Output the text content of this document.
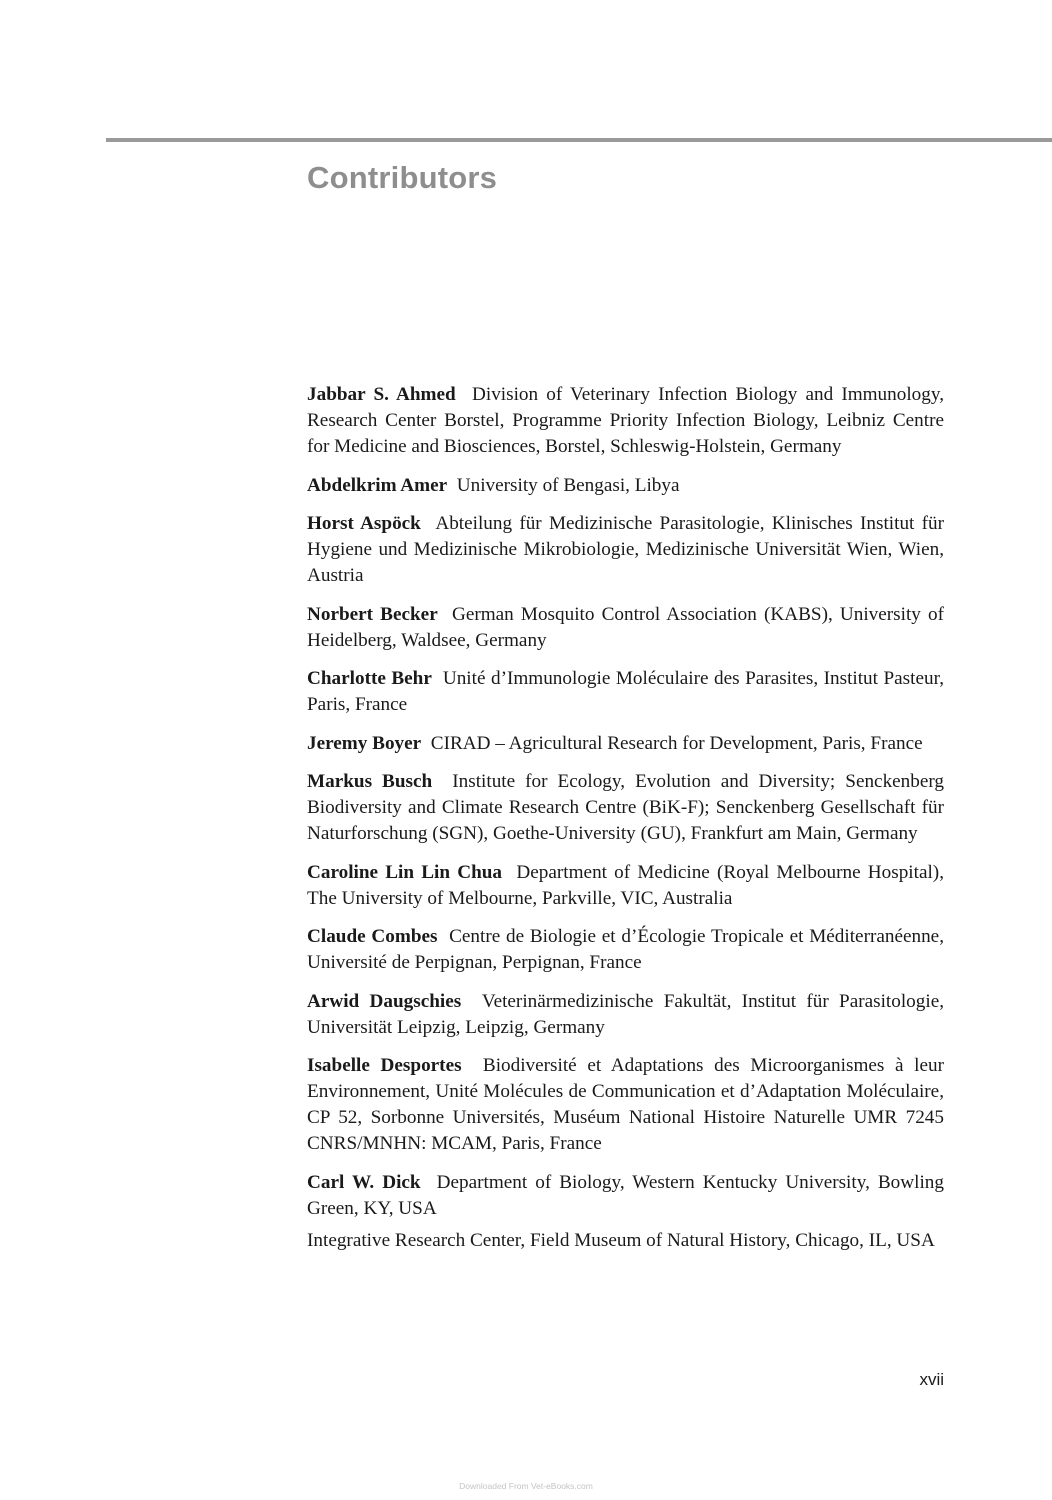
Contributors

Jabbar S. Ahmed Division of Veterinary Infection Biology and Immunology, Research Center Borstel, Programme Priority Infection Biology, Leibniz Centre for Medicine and Biosciences, Borstel, Schleswig-Holstein, Germany

Abdelkrim Amer University of Bengasi, Libya

Horst Aspöck Abteilung für Medizinische Parasitologie, Klinisches Institut für Hygiene und Medizinische Mikrobiologie, Medizinische Universität Wien, Wien, Austria

Norbert Becker German Mosquito Control Association (KABS), University of Heidelberg, Waldsee, Germany

Charlotte Behr Unité d’Immunologie Moléculaire des Parasites, Institut Pasteur, Paris, France

Jeremy Boyer CIRAD – Agricultural Research for Development, Paris, France

Markus Busch Institute for Ecology, Evolution and Diversity; Senckenberg Biodiversity and Climate Research Centre (BiK-F); Senckenberg Gesellschaft für Naturforschung (SGN), Goethe-University (GU), Frankfurt am Main, Germany

Caroline Lin Lin Chua Department of Medicine (Royal Melbourne Hospital), The University of Melbourne, Parkville, VIC, Australia

Claude Combes Centre de Biologie et d’Écologie Tropicale et Méditerranéenne, Université de Perpignan, Perpignan, France

Arwid Daugschies Veterinärmedizinische Fakultät, Institut für Parasitologie, Universität Leipzig, Leipzig, Germany

Isabelle Desportes Biodiversité et Adaptations des Microorganismes à leur Environnement, Unité Molécules de Communication et d’Adaptation Moléculaire, CP 52, Sorbonne Universités, Muséum National Histoire Naturelle UMR 7245 CNRS/MNHN: MCAM, Paris, France

Carl W. Dick Department of Biology, Western Kentucky University, Bowling Green, KY, USA

Integrative Research Center, Field Museum of Natural History, Chicago, IL, USA

xvii
Downloaded From Vet-eBooks.com
